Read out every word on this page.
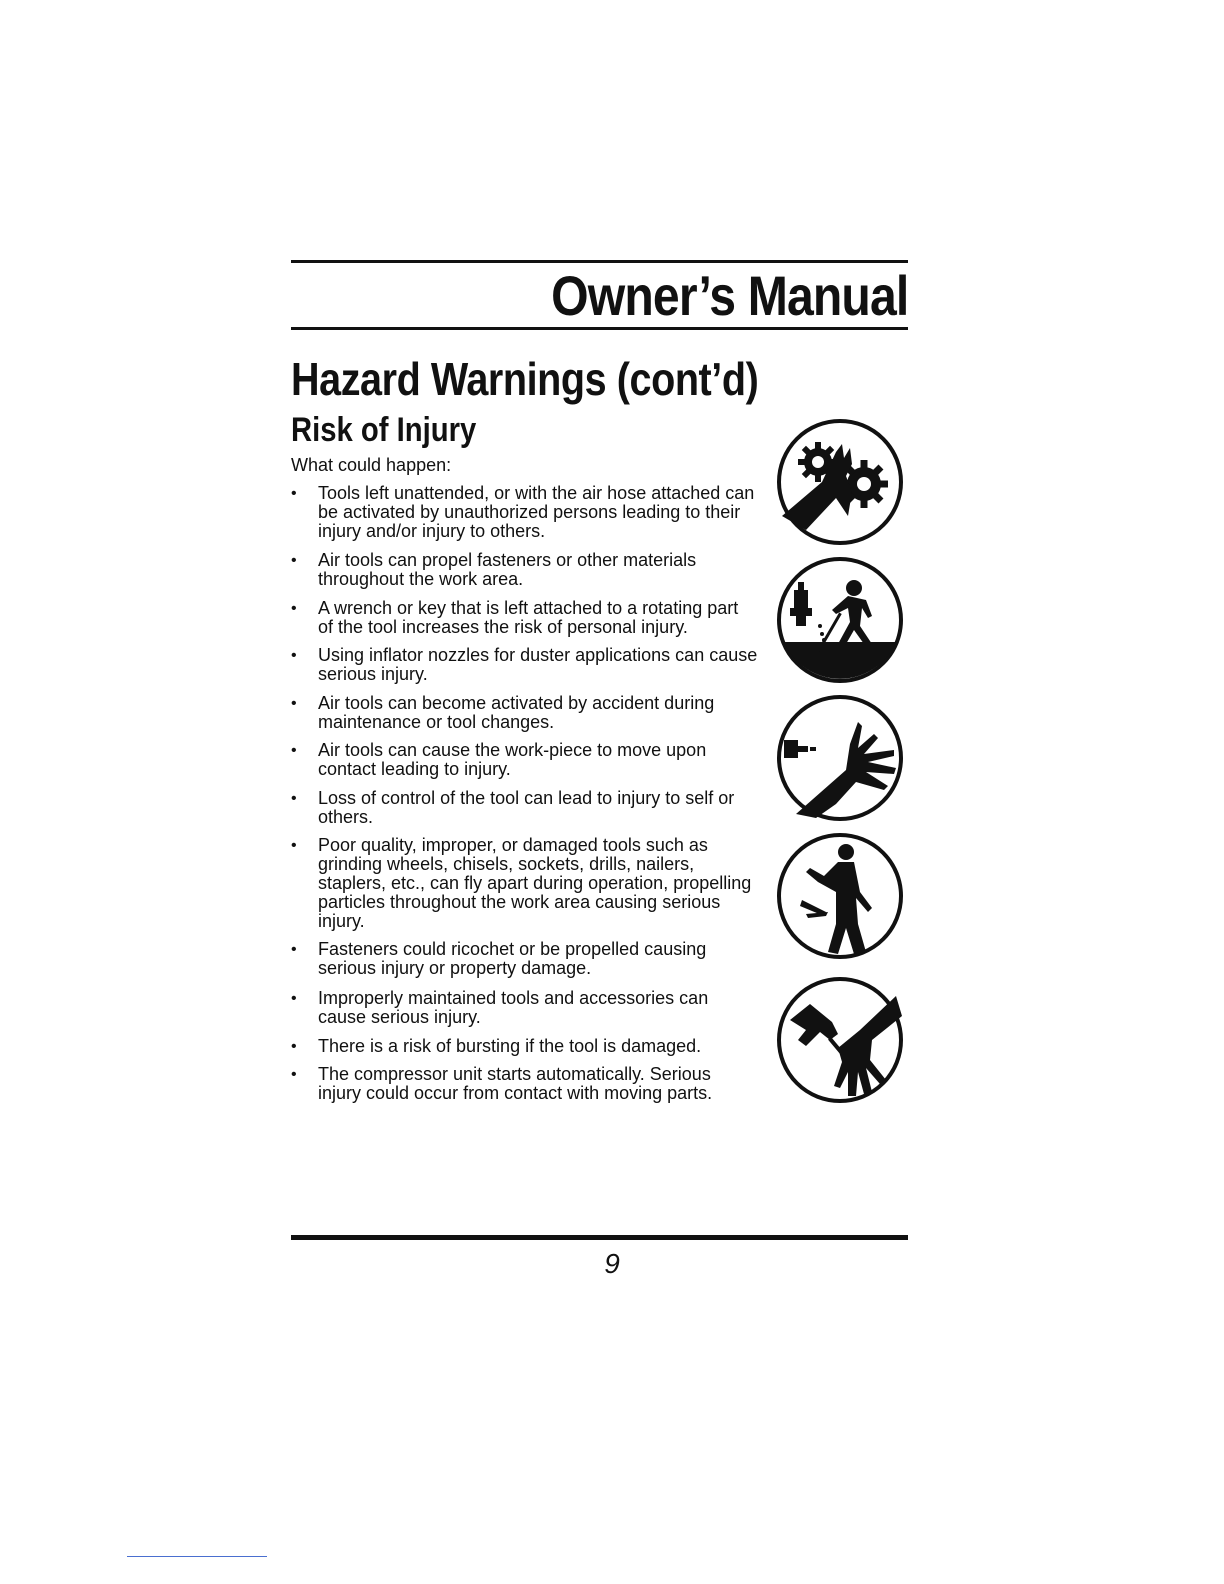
Owner’s Manual
Hazard Warnings (cont’d)
Risk of Injury
What could happen:
• Tools left unattended, or with the air hose attached can be activated by unauthorized persons leading to their injury and/or injury to others.
• Air tools can propel fasteners or other materials throughout the work area.
• A wrench or key that is left attached to a rotating part of the tool increases the risk of personal injury.
• Using inflator nozzles for duster applications can cause serious injury.
• Air tools can become activated by accident during maintenance or tool changes.
• Air tools can cause the work-piece to move upon contact leading to injury.
• Loss of control of the tool can lead to injury to self or others.
• Poor quality, improper, or damaged tools such as grinding wheels, chisels, sockets, drills, nailers, staplers, etc., can fly apart during operation, propelling particles throughout the work area causing serious injury.
• Fasteners could ricochet or be propelled causing serious injury or property damage.
• Improperly maintained tools and accessories can cause serious injury.
• There is a risk of bursting if the tool is damaged.
• The compressor unit starts automatically. Serious injury could occur from contact with moving parts.
9
